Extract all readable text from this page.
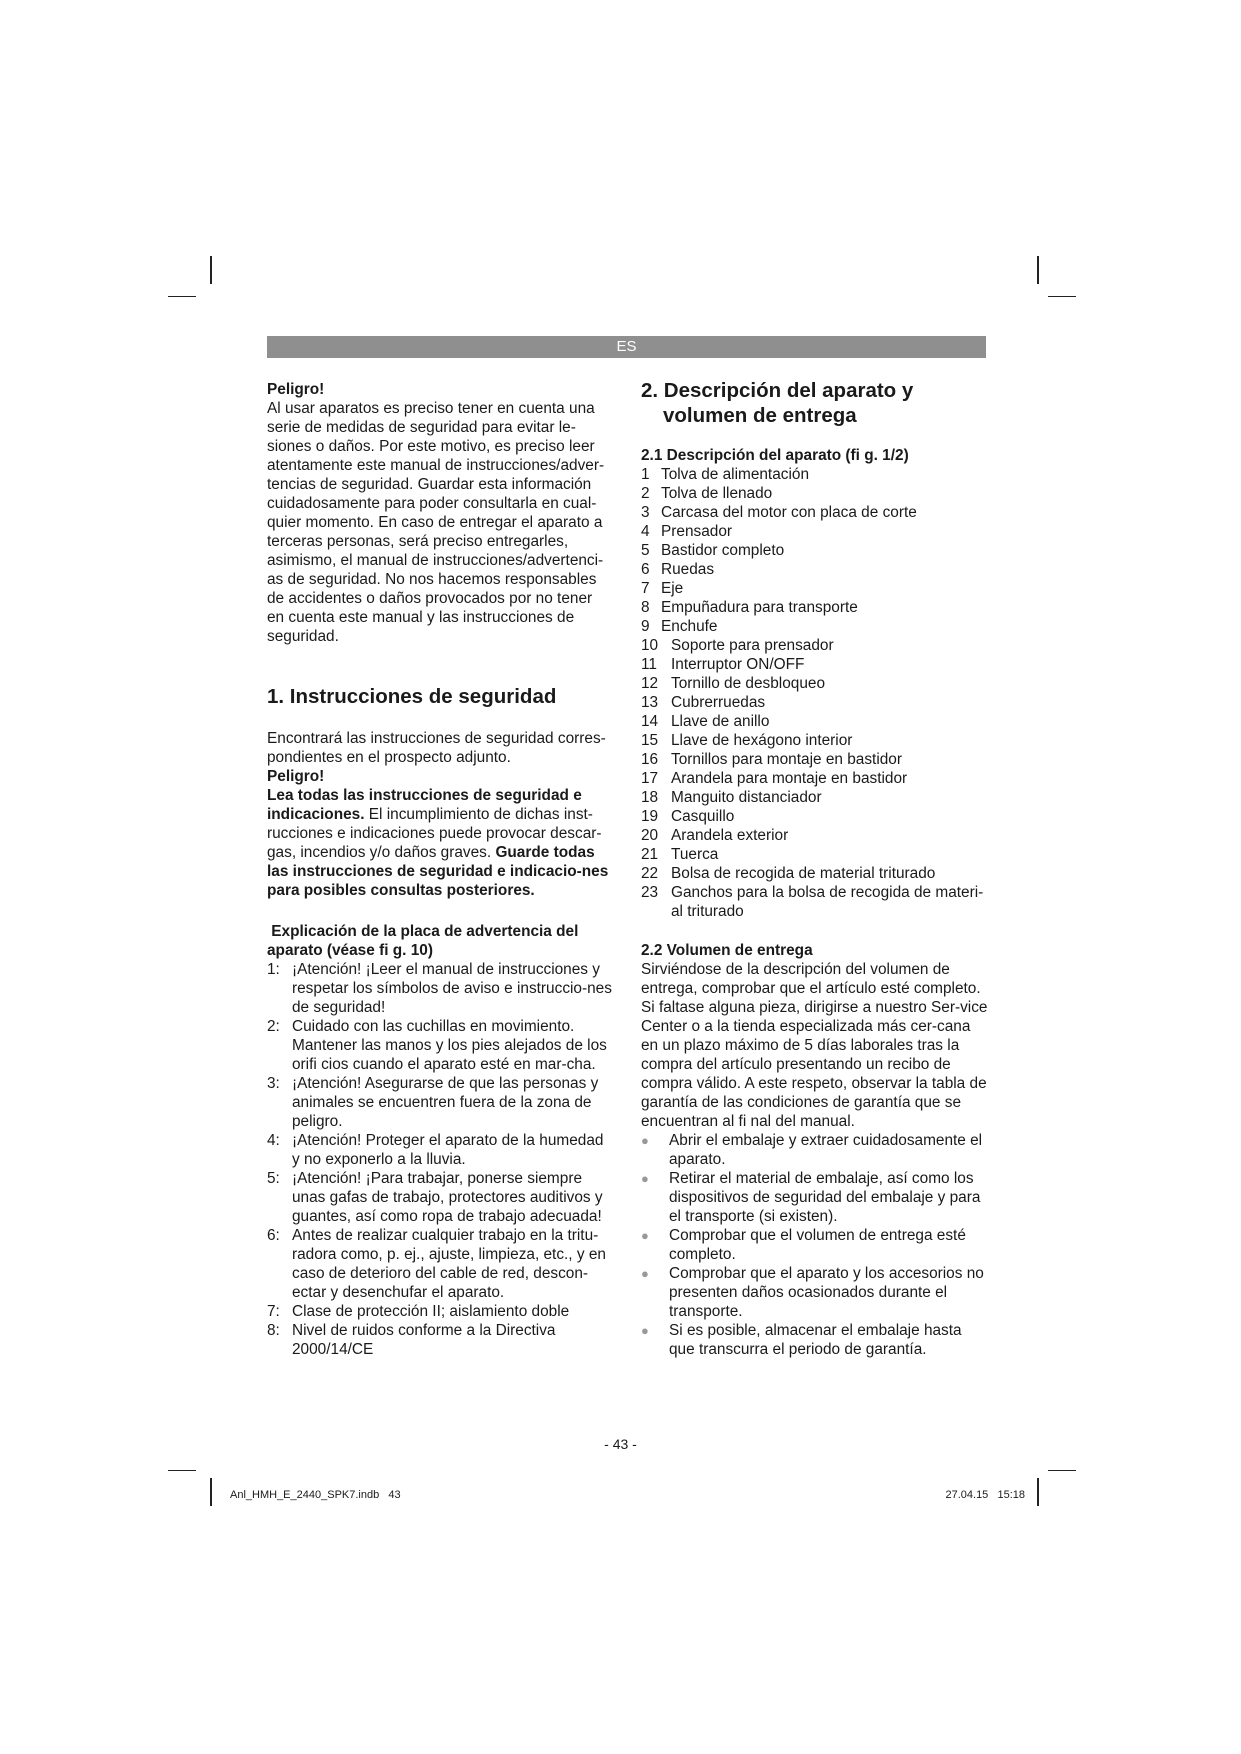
ES

Peligro!

Al usar aparatos es preciso tener en cuenta una serie de medidas de seguridad para evitar le-siones o daños. Por este motivo, es preciso leer atentamente este manual de instrucciones/adver-tencias de seguridad. Guardar esta información cuidadosamente para poder consultarla en cual-quier momento. En caso de entregar el aparato a terceras personas, será preciso entregarles, asimismo, el manual de instrucciones/advertenci-as de seguridad. No nos hacemos responsables de accidentes o daños provocados por no tener en cuenta este manual y las instrucciones de seguridad.

1. Instrucciones de seguridad

Encontrará las instrucciones de seguridad corres-pondientes en el prospecto adjunto.

Peligro!

Lea todas las instrucciones de seguridad e indicaciones. El incumplimiento de dichas inst-rucciones e indicaciones puede provocar descar-gas, incendios y/o daños graves. Guarde todas las instrucciones de seguridad e indicacio-nes para posibles consultas posteriores.

Explicación de la placa de advertencia del aparato (véase fi g. 10)
1: ¡Atención! ¡Leer el manual de instrucciones y respetar los símbolos de aviso e instruccio-nes de seguridad!
2: Cuidado con las cuchillas en movimiento. Mantener las manos y los pies alejados de los orifi cios cuando el aparato esté en mar-cha.
3: ¡Atención! Asegurarse de que las personas y animales se encuentren fuera de la zona de peligro.
4: ¡Atención! Proteger el aparato de la humedad y no exponerlo a la lluvia.
5: ¡Atención! ¡Para trabajar, ponerse siempre unas gafas de trabajo, protectores auditivos y guantes, así como ropa de trabajo adecuada!
6: Antes de realizar cualquier trabajo en la tritu-radora como, p. ej., ajuste, limpieza, etc., y en caso de deterioro del cable de red, descon-ectar y desenchufar el aparato.
7: Clase de protección II; aislamiento doble
8: Nivel de ruidos conforme a la Directiva 2000/14/CE
2. Descripción del aparato y volumen de entrega
2.1 Descripción del aparato (fi g. 1/2)
1 Tolva de alimentación
2 Tolva de llenado
3 Carcasa del motor con placa de corte
4 Prensador
5 Bastidor completo
6 Ruedas
7 Eje
8 Empuñadura para transporte
9 Enchufe
10 Soporte para prensador
11 Interruptor ON/OFF
12 Tornillo de desbloqueo
13 Cubrerruedas
14 Llave de anillo
15 Llave de hexágono interior
16 Tornillos para montaje en bastidor
17 Arandela para montaje en bastidor
18 Manguito distanciador
19 Casquillo
20 Arandela exterior
21 Tuerca
22 Bolsa de recogida de material triturado
23 Ganchos para la bolsa de recogida de materi-al triturado
2.2 Volumen de entrega

Sirviéndose de la descripción del volumen de entrega, comprobar que el artículo esté completo. Si faltase alguna pieza, dirigirse a nuestro Ser-vice Center o a la tienda especializada más cer-cana en un plazo máximo de 5 días laborales tras la compra del artículo presentando un recibo de compra válido. A este respeto, observar la tabla de garantía de las condiciones de garantía que se encuentran al fi nal del manual.

● Abrir el embalaje y extraer cuidadosamente el aparato.
● Retirar el material de embalaje, así como los dispositivos de seguridad del embalaje y para el transporte (si existen).
● Comprobar que el volumen de entrega esté completo.
● Comprobar que el aparato y los accesorios no presenten daños ocasionados durante el transporte.
● Si es posible, almacenar el embalaje hasta que transcurra el periodo de garantía.
- 43 -
Anl_HMH_E_2440_SPK7.indb   43	27.04.15   15:18
